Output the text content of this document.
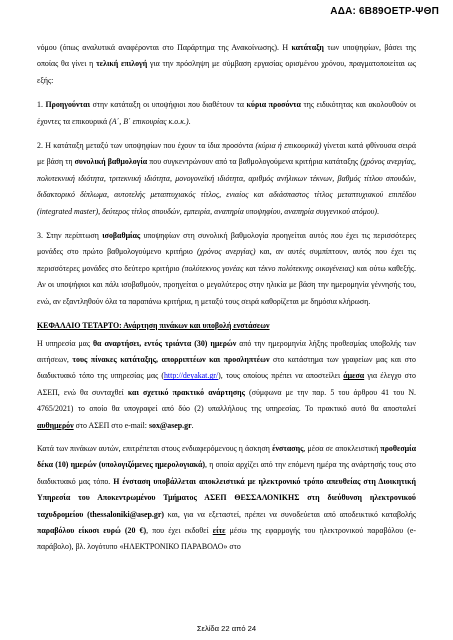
ΑΔΑ: 6Β89ΟΕΤΡ-ΨΘΠ

νόμου (όπως αναλυτικά αναφέρονται στο Παράρτημα της Ανακοίνωσης). Η κατάταξη των υποψηφίων, βάσει της οποίας θα γίνει η τελική επιλογή για την πρόσληψη με σύμβαση εργασίας ορισμένου χρόνου, πραγματοποιείται ως εξής:

1. Προηγούνται στην κατάταξη οι υποψήφιοι που διαθέτουν τα κύρια προσόντα της ειδικότητας και ακολουθούν οι έχοντες τα επικουρικά (Α΄, Β΄ επικουρίας κ.ο.κ.).

2. Η κατάταξη μεταξύ των υποψηφίων που έχουν τα ίδια προσόντα (κύρια ή επικουρικά) γίνεται κατά φθίνουσα σειρά με βάση τη συνολική βαθμολογία που συγκεντρώνουν από τα βαθμολογούμενα κριτήρια κατάταξης (χρόνος ανεργίας, πολυτεκνική ιδιότητα, τριτεκνική ιδιότητα, μονογονεϊκή ιδιότητα, αριθμός ανήλικων τέκνων, βαθμός τίτλου σπουδών, διδακτορικό δίπλωμα, αυτοτελής μεταπτυχιακός τίτλος, ενιαίος και αδιάσπαστος τίτλος μεταπτυχιακού επιπέδου (integrated master), δεύτερος τίτλος σπουδών, εμπειρία, αναπηρία υποψηφίου, αναπηρία συγγενικού ατόμου).

3. Στην περίπτωση ισοβαθμίας υποψηφίων στη συνολική βαθμολογία προηγείται αυτός που έχει τις περισσότερες μονάδες στο πρώτο βαθμολογούμενο κριτήριο (χρόνος ανεργίας) και, αν αυτές συμπίπτουν, αυτός που έχει τις περισσότερες μονάδες στο δεύτερο κριτήριο (πολύτεκνος γονέας και τέκνο πολύτεκνης οικογένειας) και ούτω καθεξής. Αν οι υποψήφιοι και πάλι ισοβαθμούν, προηγείται ο μεγαλύτερος στην ηλικία με βάση την ημερομηνία γέννησής του, ενώ, αν εξαντληθούν όλα τα παραπάνω κριτήρια, η μεταξύ τους σειρά καθορίζεται με δημόσια κλήρωση.

ΚΕΦΑΛΑΙΟ ΤΕΤΑΡΤΟ: Ανάρτηση πινάκων και υποβολή ενστάσεων

Η υπηρεσία μας θα αναρτήσει, εντός τριάντα (30) ημερών από την ημερομηνία λήξης προθεσμίας υποβολής των αιτήσεων, τους πίνακες κατάταξης, απορριπτέων και προσληπτέων στο κατάστημα των γραφείων μας και στο διαδικτυακό τόπο της υπηρεσίας μας (http://deyakat.gr/), τους οποίους πρέπει να αποστείλει άμεσα για έλεγχο στο ΑΣΕΠ, ενώ θα συνταχθεί και σχετικό πρακτικό ανάρτησης (σύμφωνα με την παρ. 5 του άρθρου 41 του Ν. 4765/2021) το οποίο θα υπογραφεί από δύο (2) υπαλλήλους της υπηρεσίας. Το πρακτικό αυτό θα αποσταλεί αυθημερόν στο ΑΣΕΠ στο e-mail: sox@asep.gr.

Κατά των πινάκων αυτών, επιτρέπεται στους ενδιαφερόμενους η άσκηση ένστασης, μέσα σε αποκλειστική προθεσμία δέκα (10) ημερών (υπολογιζόμενες ημερολογιακά), η οποία αρχίζει από την επόμενη ημέρα της ανάρτησής τους στο διαδικτυακό μας τόπο. Η ένσταση υποβάλλεται αποκλειστικά με ηλεκτρονικό τρόπο απευθείας στη Διοικητική Υπηρεσία του Αποκεντρωμένου Τμήματος ΑΣΕΠ ΘΕΣΣΑΛΟΝΙΚΗΣ στη διεύθυνση ηλεκτρονικού ταχυδρομείου (thessaloniki@asep.gr) και, για να εξεταστεί, πρέπει να συνοδεύεται από αποδεικτικό καταβολής παραβόλου είκοσι ευρώ (20 €), που έχει εκδοθεί είτε μέσω της εφαρμογής του ηλεκτρονικού παραβόλου (e-παράβολο), βλ. λογότυπο «ΗΛΕΚΤΡΟΝΙΚΟ ΠΑΡΑΒΟΛΟ» στο

Σελίδα 22 από 24
